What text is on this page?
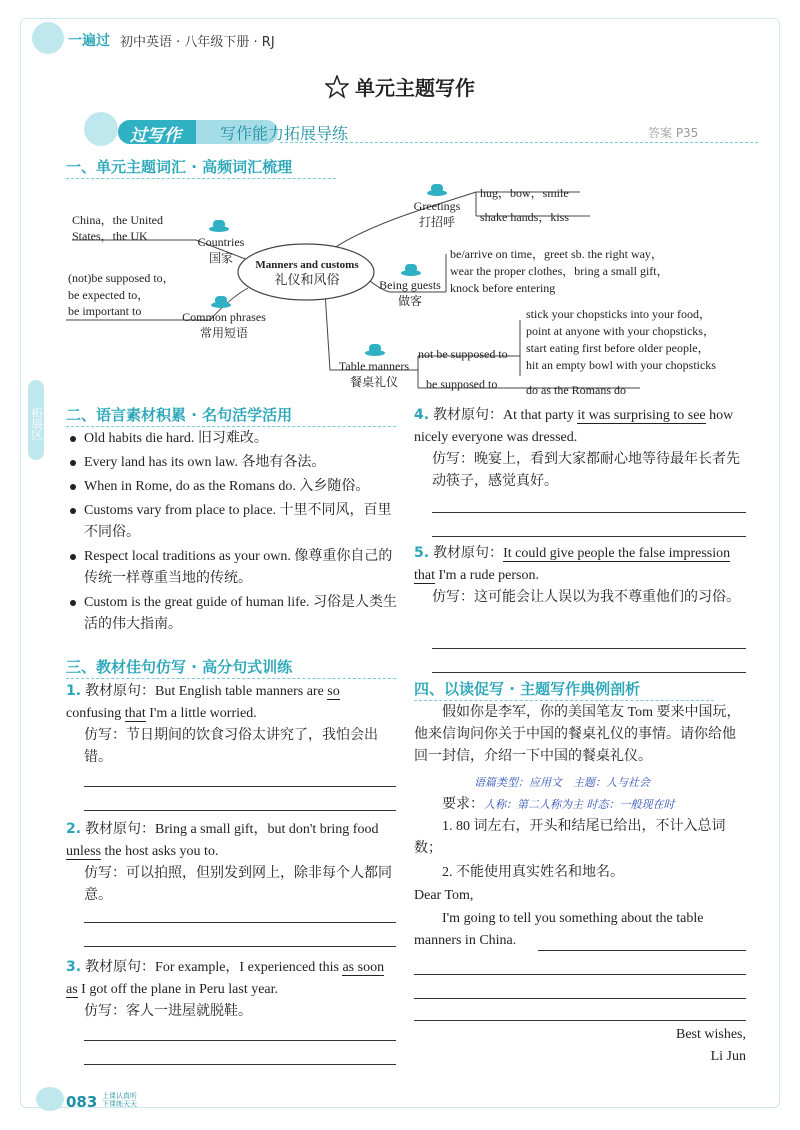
一遍过 初中英语 · 八年级下册 · RJ
单元主题写作
过写作 写作能力拓展导练	答案 P35
拓展区
一、单元主题词汇 · 高频词汇梳理
Manners and customs
礼仪和风俗
Countries
国家
China，the United
States，the UK
Common phrases
常用短语
(not)be supposed to，
be expected to，
be important to
Greetings
打招呼
hug，bow，smile
shake hands，kiss
Being guests
做客
be/arrive on time，greet sb. the right way，
wear the proper clothes，bring a small gift，
knock before entering
Table manners
餐桌礼仪
not be supposed to
be supposed to
stick your chopsticks into your food，
point at anyone with your chopsticks，
start eating first before older people，
hit an empty bowl with your chopsticks
do as the Romans do
二、语言素材积累 · 名句活学活用
Old habits die hard. 旧习难改。
Every land has its own law. 各地有各法。
When in Rome, do as the Romans do. 入乡随俗。
Customs vary from place to place. 十里不同风，百里不同俗。
Respect local traditions as your own. 像尊重你自己的传统一样尊重当地的传统。
Custom is the great guide of human life. 习俗是人类生活的伟大指南。
三、教材佳句仿写 · 高分句式训练
1. 教材原句：But English table manners are so confusing that I'm a little worried.
仿写：节日期间的饮食习俗太讲究了，我怕会出错。
2. 教材原句：Bring a small gift，but don't bring food unless the host asks you to.
仿写：可以拍照，但别发到网上，除非每个人都同意。
3. 教材原句：For example，I experienced this as soon as I got off the plane in Peru last year.
仿写：客人一进屋就脱鞋。
4. 教材原句：At that party it was surprising to see how nicely everyone was dressed.
仿写：晚宴上，看到大家都耐心地等待最年长者先动筷子，感觉真好。
5. 教材原句：It could give people the false impression that I'm a rude person.
仿写：这可能会让人误以为我不尊重他们的习俗。
四、以读促写 · 主题写作典例剖析
假如你是李军，你的美国笔友 Tom 要来中国玩，他来信询问你关于中国的餐桌礼仪的事情。请你给他回一封信，介绍一下中国的餐桌礼仪。
语篇类型：应用文　主题：人与社会
要求：人称：第二人称为主 时态：一般现在时
1. 80 词左右，开头和结尾已给出，不计入总词数；
2. 不能使用真实姓名和地名。
Dear Tom,
I'm going to tell you something about the table manners in China.
Best wishes,
Li Jun
083 上课认真听
下课练天天
